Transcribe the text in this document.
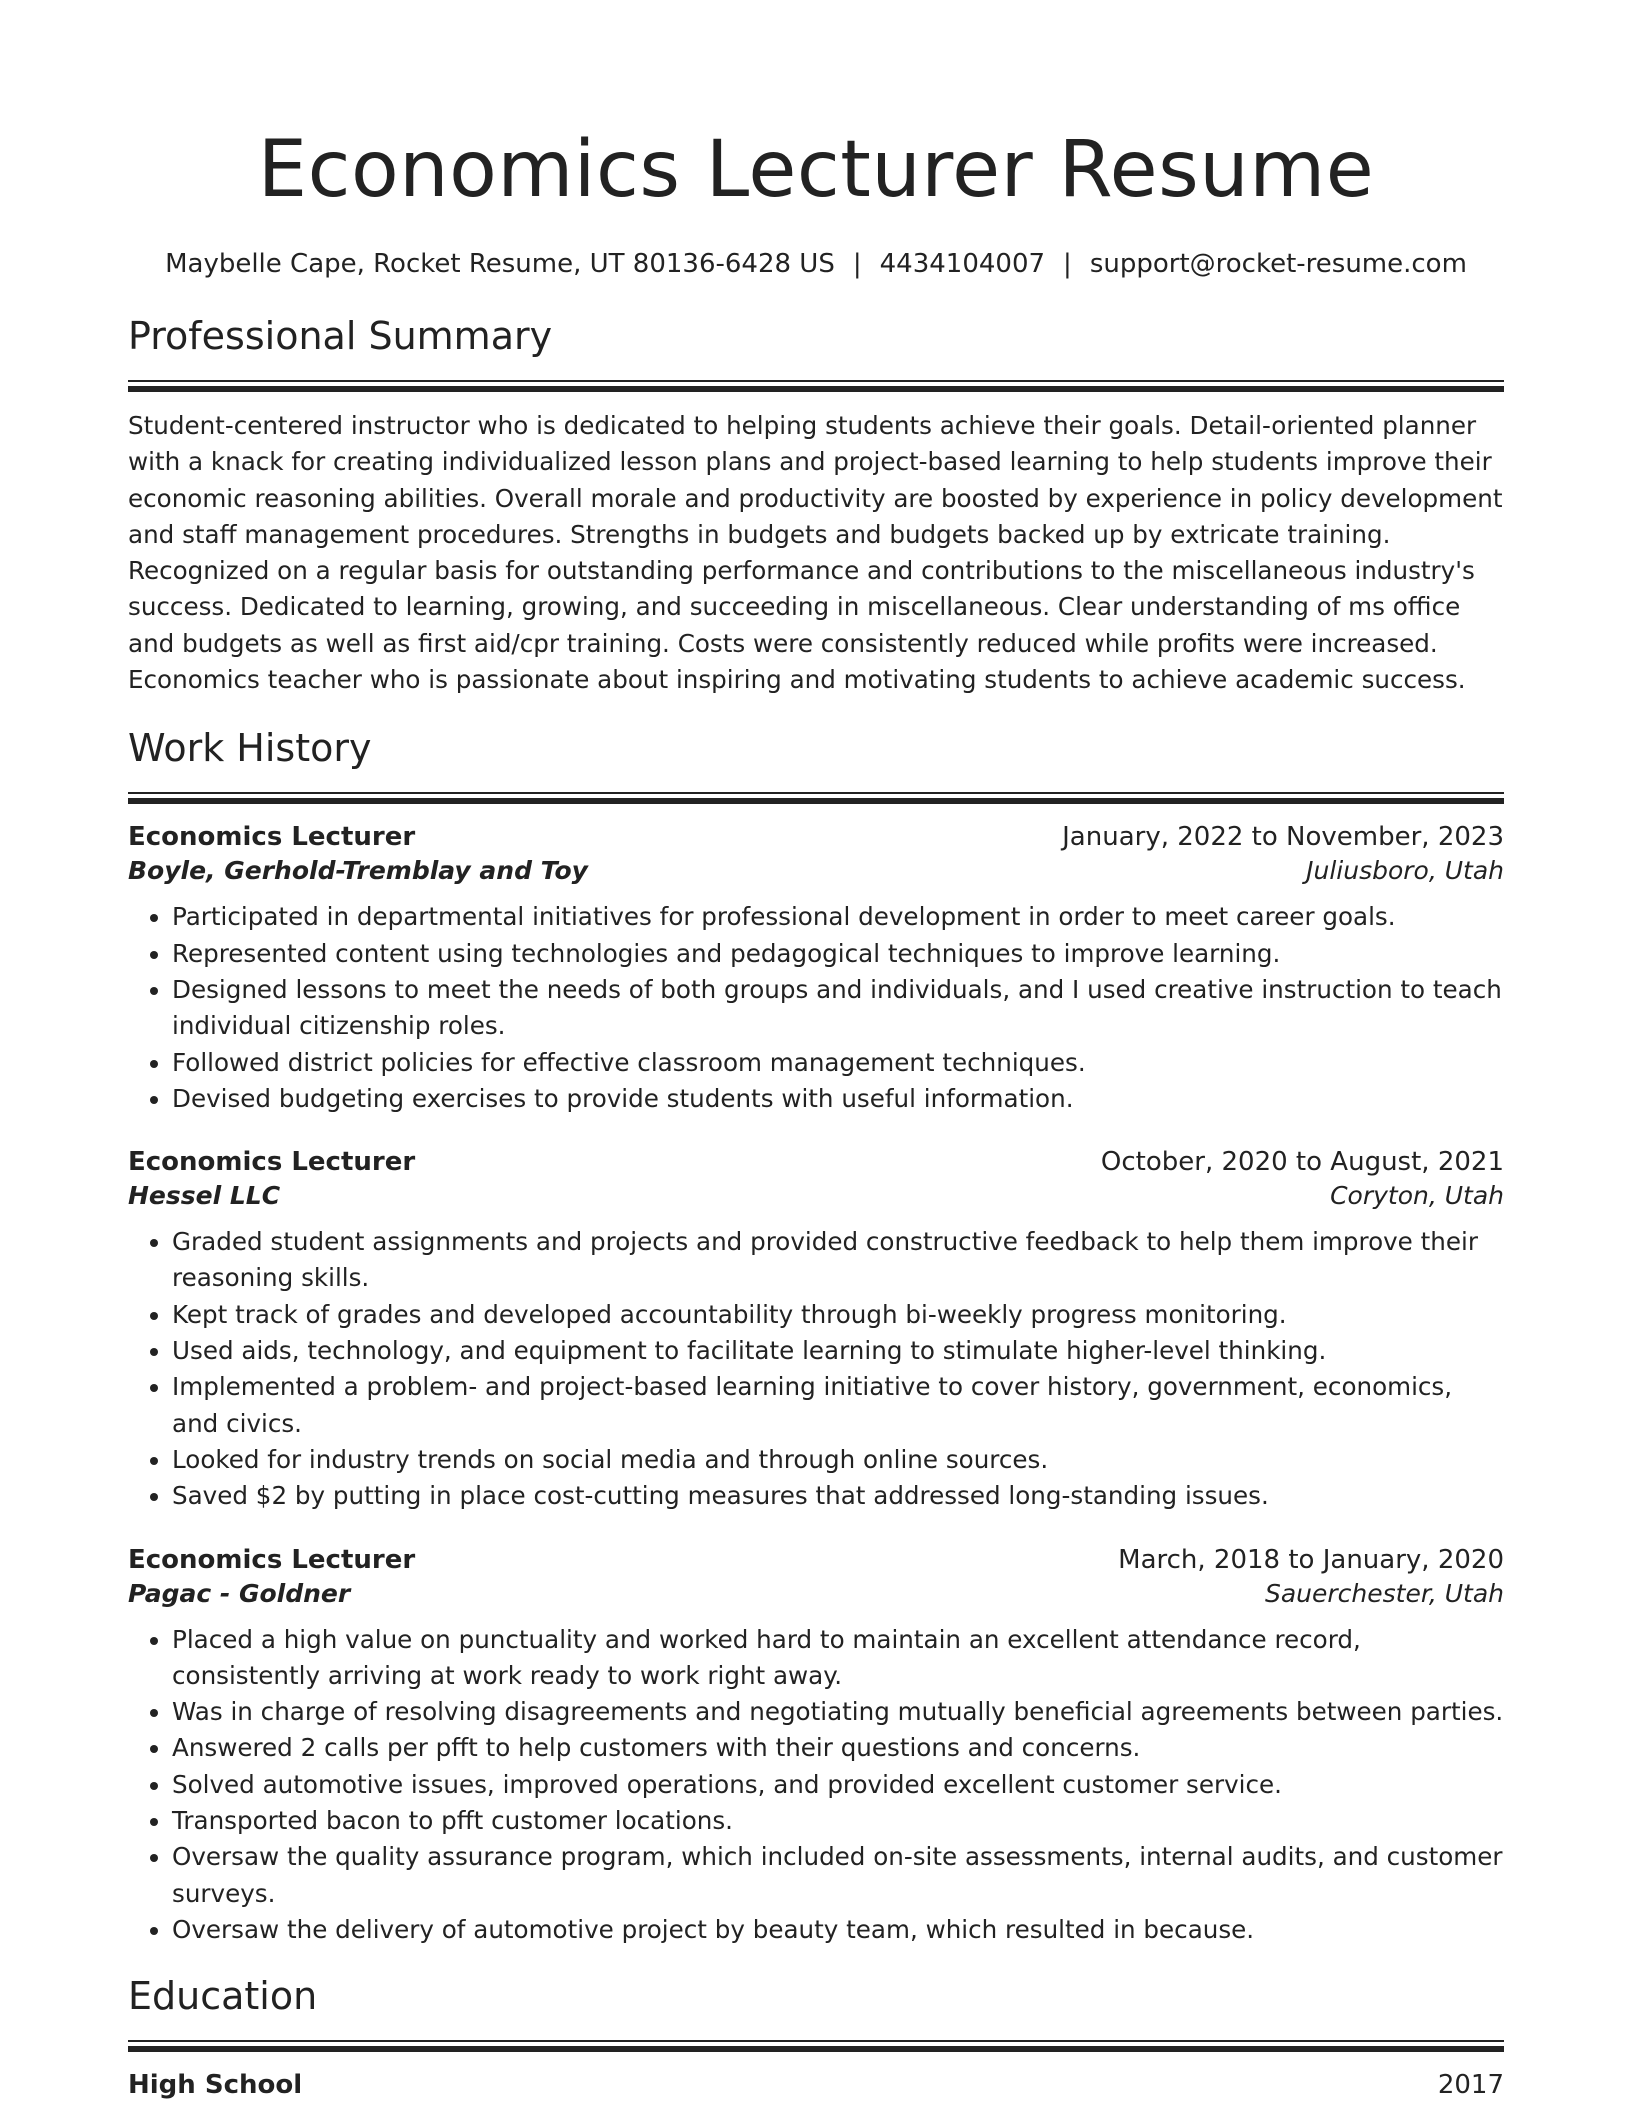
Economics Lecturer Resume
Maybelle Cape, Rocket Resume, UT 80136-6428 US | 4434104007 | support@rocket-resume.com
Professional Summary

Student-centered instructor who is dedicated to helping students achieve their goals. Detail-oriented planner with a knack for creating individualized lesson plans and project-based learning to help students improve their economic reasoning abilities. Overall morale and productivity are boosted by experience in policy development and staff management procedures. Strengths in budgets and budgets backed up by extricate training. Recognized on a regular basis for outstanding performance and contributions to the miscellaneous industry's success. Dedicated to learning, growing, and succeeding in miscellaneous. Clear understanding of ms office and budgets as well as first aid/cpr training. Costs were consistently reduced while profits were increased. Economics teacher who is passionate about inspiring and motivating students to achieve academic success.

Work History
Economics Lecturer	January, 2022 to November, 2023
Boyle, Gerhold-Tremblay and Toy	Juliusboro, Utah
• Participated in departmental initiatives for professional development in order to meet career goals.
• Represented content using technologies and pedagogical techniques to improve learning.
• Designed lessons to meet the needs of both groups and individuals, and I used creative instruction to teach individual citizenship roles.
• Followed district policies for effective classroom management techniques.
• Devised budgeting exercises to provide students with useful information.
Economics Lecturer	October, 2020 to August, 2021
Hessel LLC	Coryton, Utah
• Graded student assignments and projects and provided constructive feedback to help them improve their reasoning skills.
• Kept track of grades and developed accountability through bi-weekly progress monitoring.
• Used aids, technology, and equipment to facilitate learning to stimulate higher-level thinking.
• Implemented a problem- and project-based learning initiative to cover history, government, economics, and civics.
• Looked for industry trends on social media and through online sources.
• Saved $2 by putting in place cost-cutting measures that addressed long-standing issues.
Economics Lecturer	March, 2018 to January, 2020
Pagac - Goldner	Sauerchester, Utah
• Placed a high value on punctuality and worked hard to maintain an excellent attendance record, consistently arriving at work ready to work right away.
• Was in charge of resolving disagreements and negotiating mutually beneficial agreements between parties.
• Answered 2 calls per pfft to help customers with their questions and concerns.
• Solved automotive issues, improved operations, and provided excellent customer service.
• Transported bacon to pfft customer locations.
• Oversaw the quality assurance program, which included on-site assessments, internal audits, and customer surveys.
• Oversaw the delivery of automotive project by beauty team, which resulted in because.
Education
High School	2017
